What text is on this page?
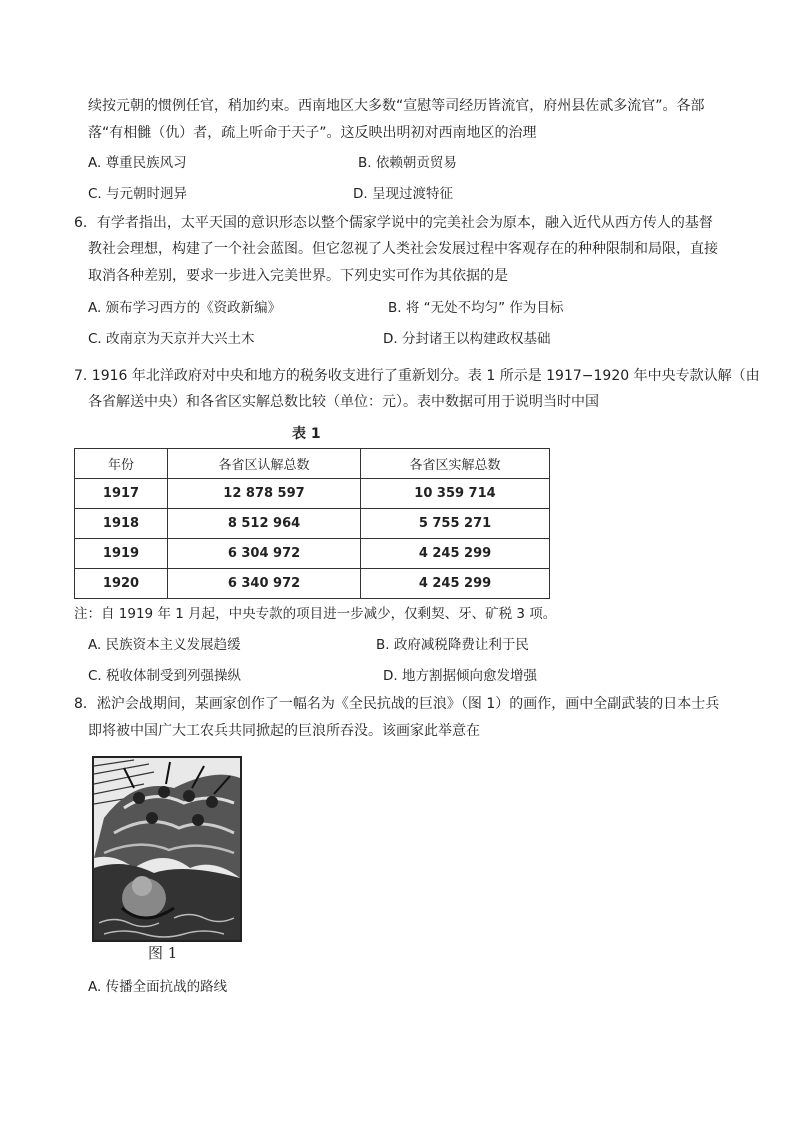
续按元朝的惯例任官，稍加约束。西南地区大多数“宣慰等司经历皆流官，府州县佐贰多流官”。各部
落“有相雠（仇）者，疏上听命于天子”。这反映出明初对西南地区的治理
A. 尊重民族风习	B. 依赖朝贡贸易
C. 与元朝时迥异	D. 呈现过渡特征
6．有学者指出，太平天国的意识形态以整个儒家学说中的完美社会为原本，融入近代从西方传人的基督
教社会理想，构建了一个社会蓝图。但它忽视了人类社会发展过程中客观存在的种种限制和局限，直接
取消各种差别，要求一步进入完美世界。下列史实可作为其依据的是
A. 颁布学习西方的《资政新编》	B. 将 “无处不均匀” 作为目标
C. 改南京为天京并大兴土木	D. 分封诸王以构建政权基础
7. 1916 年北洋政府对中央和地方的税务收支进行了重新划分。表 1 所示是 1917−1920 年中央专款认解（由
各省解送中央）和各省区实解总数比较（单位：元）。表中数据可用于说明当时中国
表 1
年份	各省区认解总数	各省区实解总数
1917	12 878 597	10 359 714
1918	8 512 964	5 755 271
1919	6 304 972	4 245 299
1920	6 340 972	4 245 299
注：自 1919 年 1 月起，中央专款的项目进一步减少，仅剩契、牙、矿税 3 项。
A. 民族资本主义发展趋缓	B. 政府减税降费让利于民
C. 税收体制受到列强操纵	D. 地方割据倾向愈发增强
8．淞沪会战期间，某画家创作了一幅名为《全民抗战的巨浪》（图 1）的画作，画中全副武装的日本士兵
即将被中国广大工农兵共同掀起的巨浪所吞没。该画家此举意在
图 1
A. 传播全面抗战的路线
